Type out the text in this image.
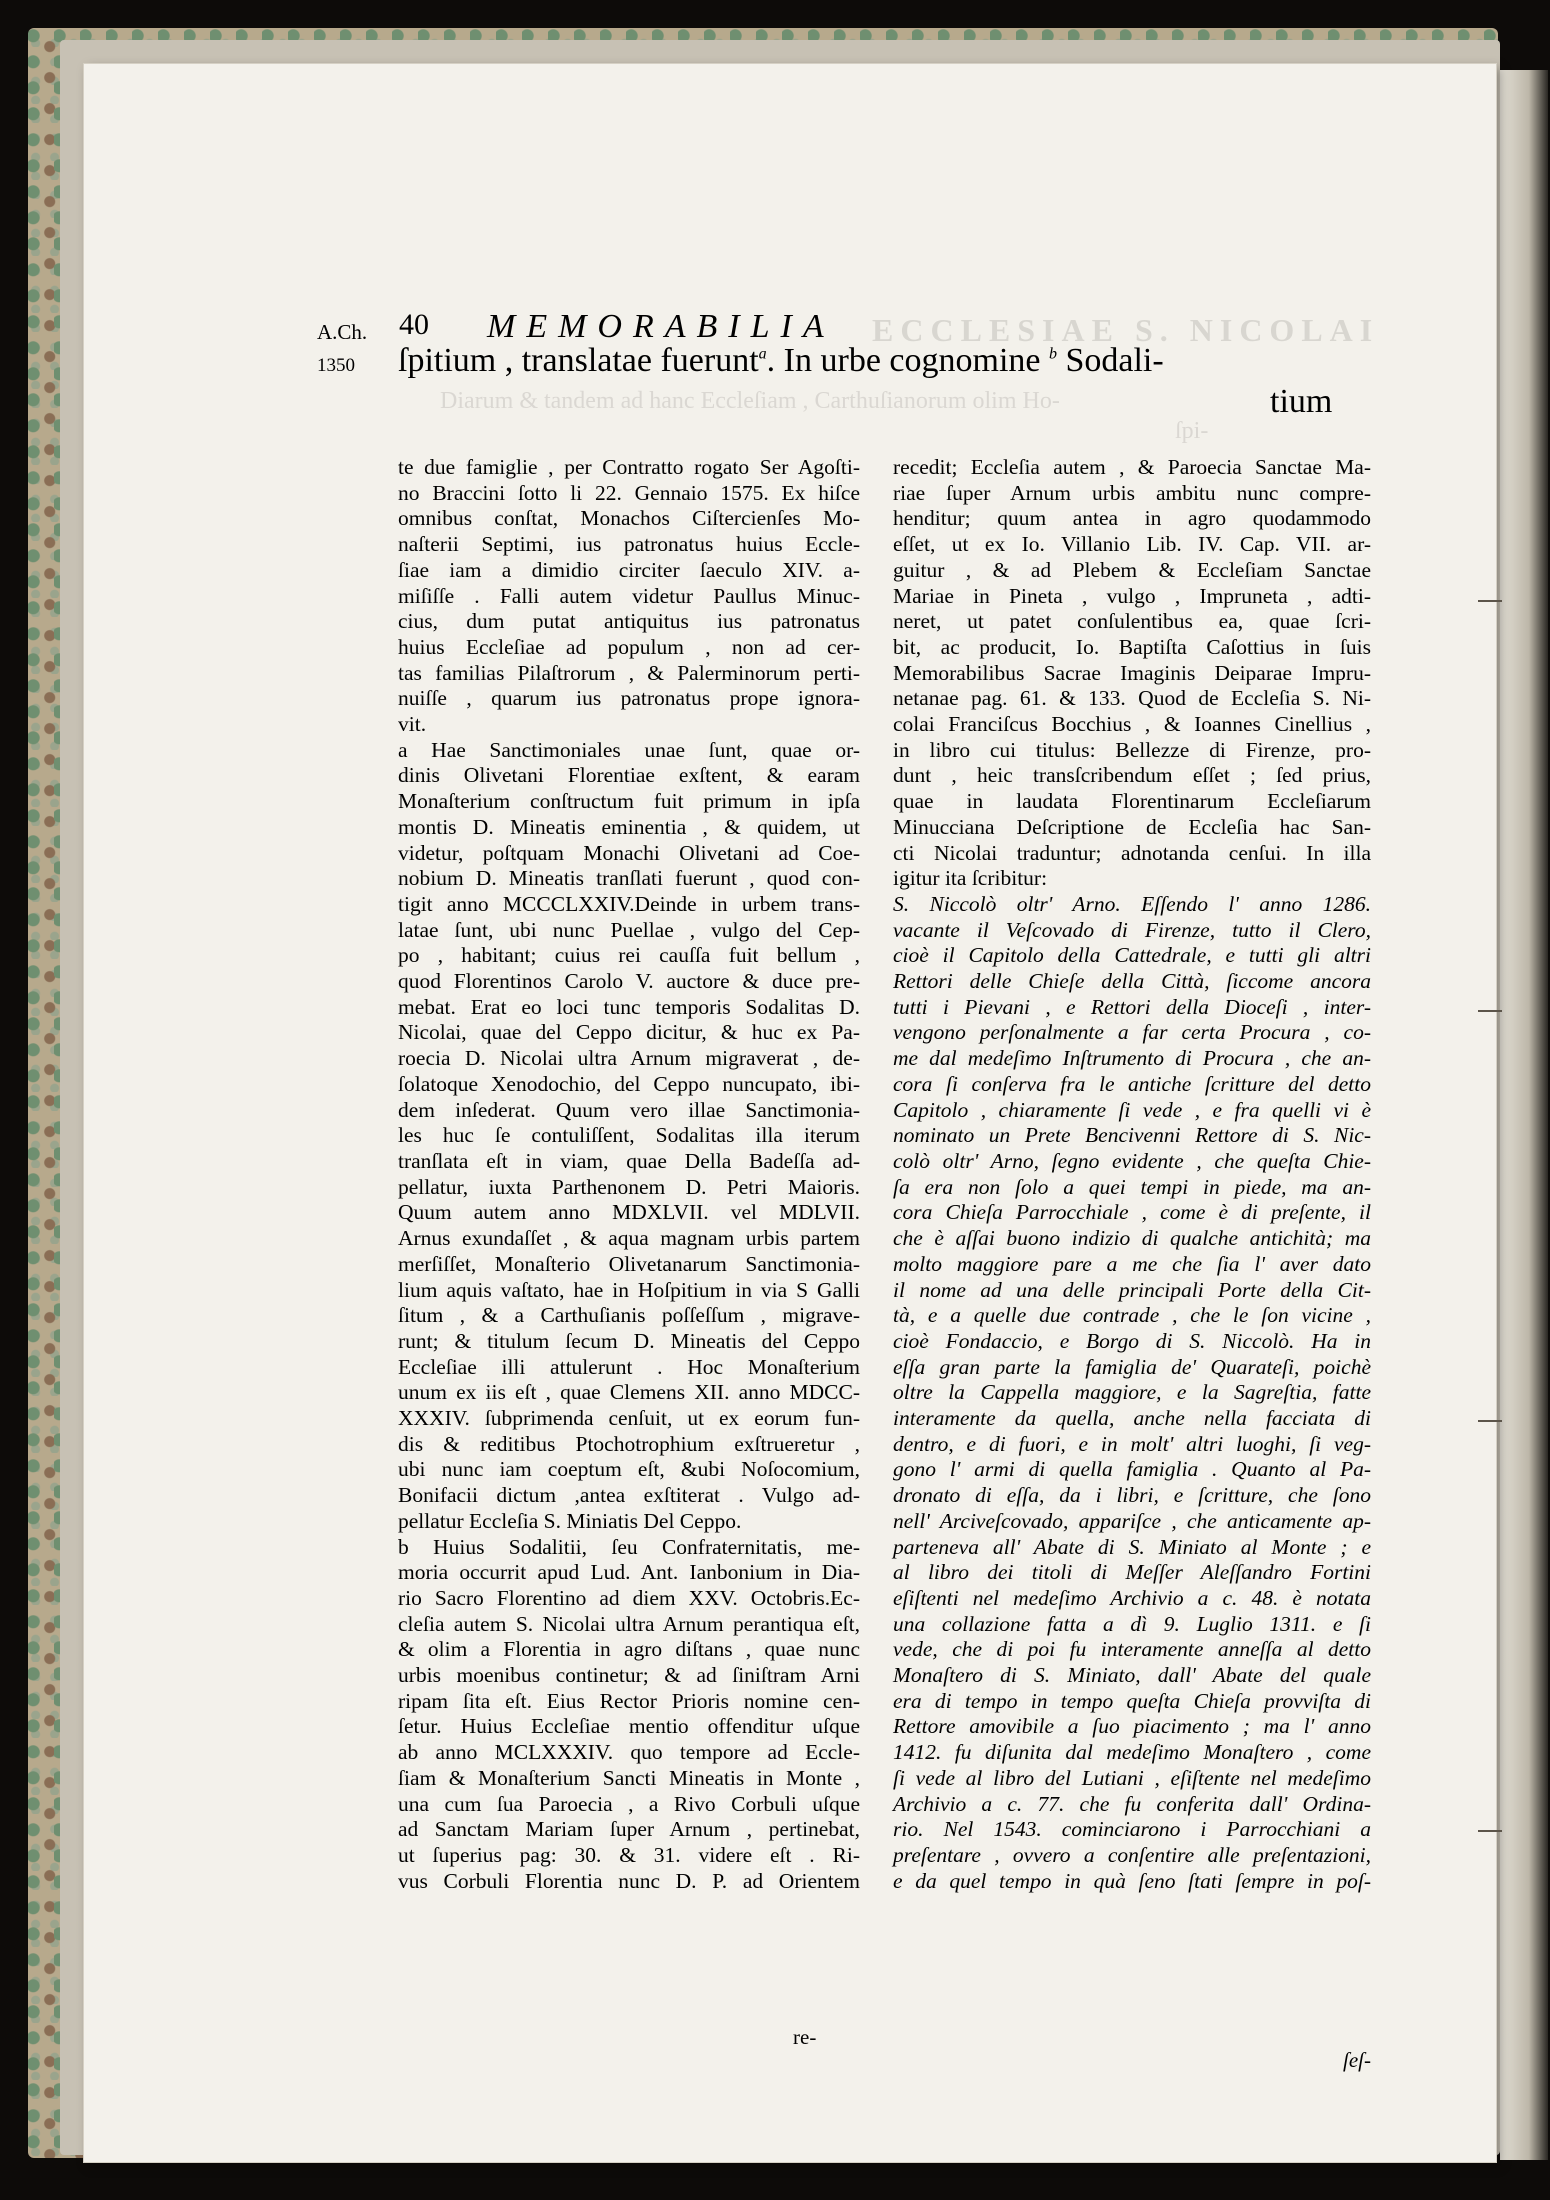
A.Ch. 40 MEMORABILIA ECCLESIAE S. NICOLAI
Diarum & tandem ad hanc Eccleſiam , Carthuſianorum olim Ho-
ſpi-
1350 ſpitium , translatae fuerunt$^a$. In urbe cognomine $^b$ Sodali-
tium

te due famiglie , per Contratto rogato Ser Agoſti-

no Braccini ſotto li 22. Gennaio 1575. Ex hiſce

omnibus conſtat, Monachos Ciſtercienſes Mo-

naſterii Septimi, ius patronatus huius Eccle-

ſiae iam a dimidio circiter ſaeculo XIV. a-

miſiſſe . Falli autem videtur Paullus Minuc-

cius, dum putat antiquitus ius patronatus

huius Eccleſiae ad populum , non ad cer-

tas familias Pilaſtrorum , & Palerminorum perti-

nuiſſe , quarum ius patronatus prope ignora-

vit.

a Hae Sanctimoniales unae ſunt, quae or-

dinis Olivetani Florentiae exſtent, & earam

Monaſterium conſtructum fuit primum in ipſa

montis D. Mineatis eminentia , & quidem, ut

videtur, poſtquam Monachi Olivetani ad Coe-

nobium D. Mineatis tranſlati fuerunt , quod con-

tigit anno MCCCLXXIV.Deinde in urbem trans-

latae ſunt, ubi nunc Puellae , vulgo del Cep-

po , habitant; cuius rei cauſſa fuit bellum ,

quod Florentinos Carolo V. auctore & duce pre-

mebat. Erat eo loci tunc temporis Sodalitas D.

Nicolai, quae del Ceppo dicitur, & huc ex Pa-

roecia D. Nicolai ultra Arnum migraverat , de-

ſolatoque Xenodochio, del Ceppo nuncupato, ibi-

dem inſederat. Quum vero illae Sanctimonia-

les huc ſe contuliſſent, Sodalitas illa iterum

tranſlata eſt in viam, quae Della Badeſſa ad-

pellatur, iuxta Parthenonem D. Petri Maioris.

Quum autem anno MDXLVII. vel MDLVII.

Arnus exundaſſet , & aqua magnam urbis partem

merſiſſet, Monaſterio Olivetanarum Sanctimonia-

lium aquis vaſtato, hae in Hoſpitium in via S Galli

ſitum , & a Carthuſianis poſſeſſum , migrave-

runt; & titulum ſecum D. Mineatis del Ceppo

Eccleſiae illi attulerunt . Hoc Monaſterium

unum ex iis eſt , quae Clemens XII. anno MDCC-

XXXIV. ſubprimenda cenſuit, ut ex eorum fun-

dis & reditibus Ptochotrophium exſtrueretur ,

ubi nunc iam coeptum eſt, &ubi Noſocomium,

Bonifacii dictum ,antea exſtiterat . Vulgo ad-

pellatur Eccleſia S. Miniatis Del Ceppo.

b Huius Sodalitii, ſeu Confraternitatis, me-

moria occurrit apud Lud. Ant. Ianbonium in Dia-

rio Sacro Florentino ad diem XXV. Octobris.Ec-

cleſia autem S. Nicolai ultra Arnum perantiqua eſt,

& olim a Florentia in agro diſtans , quae nunc

urbis moenibus continetur; & ad ſiniſtram Arni

ripam ſita eſt. Eius Rector Prioris nomine cen-

ſetur. Huius Eccleſiae mentio offenditur uſque

ab anno MCLXXXIV. quo tempore ad Eccle-

ſiam & Monaſterium Sancti Mineatis in Monte ,

una cum ſua Paroecia , a Rivo Corbuli uſque

ad Sanctam Mariam ſuper Arnum , pertinebat,

ut ſuperius pag: 30. & 31. videre eſt . Ri-

vus Corbuli Florentia nunc D. P. ad Orientem

re-

recedit; Eccleſia autem , & Paroecia Sanctae Ma-

riae ſuper Arnum urbis ambitu nunc compre-

henditur; quum antea in agro quodammodo

eſſet, ut ex Io. Villanio Lib. IV. Cap. VII. ar-

guitur , & ad Plebem & Eccleſiam Sanctae

Mariae in Pineta , vulgo , Impruneta , adti-

neret, ut patet conſulentibus ea, quae ſcri-

bit, ac producit, Io. Baptiſta Caſottius in ſuis

Memorabilibus Sacrae Imaginis Deiparae Impru-

netanae pag. 61. & 133. Quod de Eccleſia S. Ni-

colai Franciſcus Bocchius , & Ioannes Cinellius ,

in libro cui titulus: Bellezze di Firenze, pro-

dunt , heic transſcribendum eſſet ; ſed prius,

quae in laudata Florentinarum Eccleſiarum

Minucciana Deſcriptione de Eccleſia hac San-

cti Nicolai traduntur; adnotanda cenſui. In illa

igitur ita ſcribitur:

S. Niccolò oltr' Arno. Eſſendo l' anno 1286.

vacante il Veſcovado di Firenze, tutto il Clero,

cioè il Capitolo della Cattedrale, e tutti gli altri

Rettori delle Chieſe della Città, ſiccome ancora

tutti i Pievani , e Rettori della Dioceſi , inter-

vengono perſonalmente a far certa Procura , co-

me dal medeſimo Inſtrumento di Procura , che an-

cora ſi conſerva fra le antiche ſcritture del detto

Capitolo , chiaramente ſi vede , e fra quelli vi è

nominato un Prete Bencivenni Rettore di S. Nic-

colò oltr' Arno, ſegno evidente , che queſta Chie-

ſa era non ſolo a quei tempi in piede, ma an-

cora Chieſa Parrocchiale , come è di preſente, il

che è aſſai buono indizio di qualche antichità; ma

molto maggiore pare a me che ſia l' aver dato

il nome ad una delle principali Porte della Cit-

tà, e a quelle due contrade , che le ſon vicine ,

cioè Fondaccio, e Borgo di S. Niccolò. Ha in

eſſa gran parte la famiglia de' Quarateſi, poichè

oltre la Cappella maggiore, e la Sagreſtia, fatte

interamente da quella, anche nella facciata di

dentro, e di fuori, e in molt' altri luoghi, ſi veg-

gono l' armi di quella famiglia . Quanto al Pa-

dronato di eſſa, da i libri, e ſcritture, che ſono

nell' Arciveſcovado, appariſce , che anticamente ap-

parteneva all' Abate di S. Miniato al Monte ; e

al libro dei titoli di Meſſer Aleſſandro Fortini

eſiſtenti nel medeſimo Archivio a c. 48. è notata

una collazione fatta a dì 9. Luglio 1311. e ſi

vede, che di poi fu interamente anneſſa al detto

Monaſtero di S. Miniato, dall' Abate del quale

era di tempo in tempo queſta Chieſa provviſta di

Rettore amovibile a ſuo piacimento ; ma l' anno

1412. fu diſunita dal medeſimo Monaſtero , come

ſi vede al libro del Lutiani , eſiſtente nel medeſimo

Archivio a c. 77. che fu conferita dall' Ordina-

rio. Nel 1543. cominciarono i Parrocchiani a

preſentare , ovvero a conſentire alle preſentazioni,

e da quel tempo in quà ſeno ſtati ſempre in poſ-

ſeſ-
